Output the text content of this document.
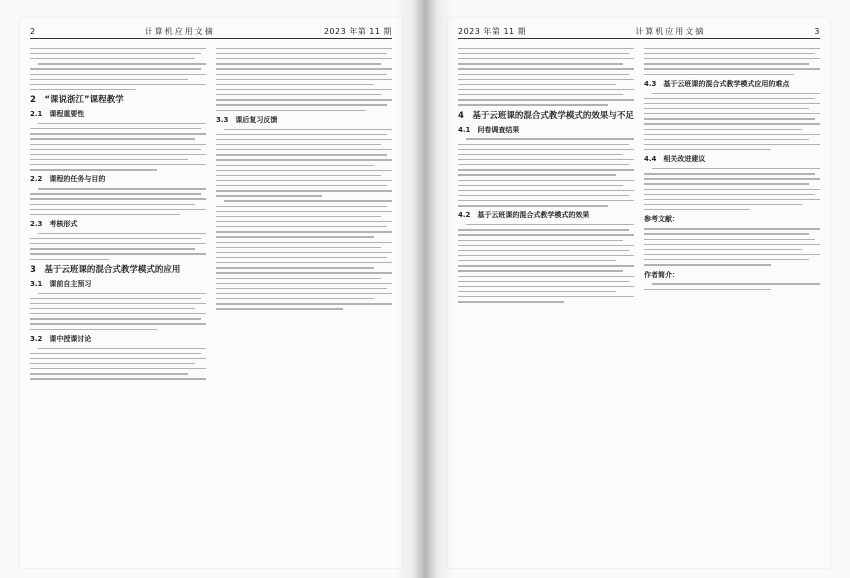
2	计算机应用文摘	2023 年第 11 期
2　“课说浙江”课程教学
2.1　课程重要性
2.2　课程的任务与目的
2.3　考核形式
3　基于云班课的混合式教学模式的应用
3.1　课前自主预习
3.2　课中授课讨论
3.3　课后复习反馈
2023 年第 11 期	计算机应用文摘	3
4　基于云班课的混合式教学模式的效果与不足
4.1　问卷调查结果
4.2　基于云班课的混合式教学模式的效果
4.3　基于云班课的混合式教学模式应用的难点
4.4　相关改进建议
参考文献：
作者简介：
